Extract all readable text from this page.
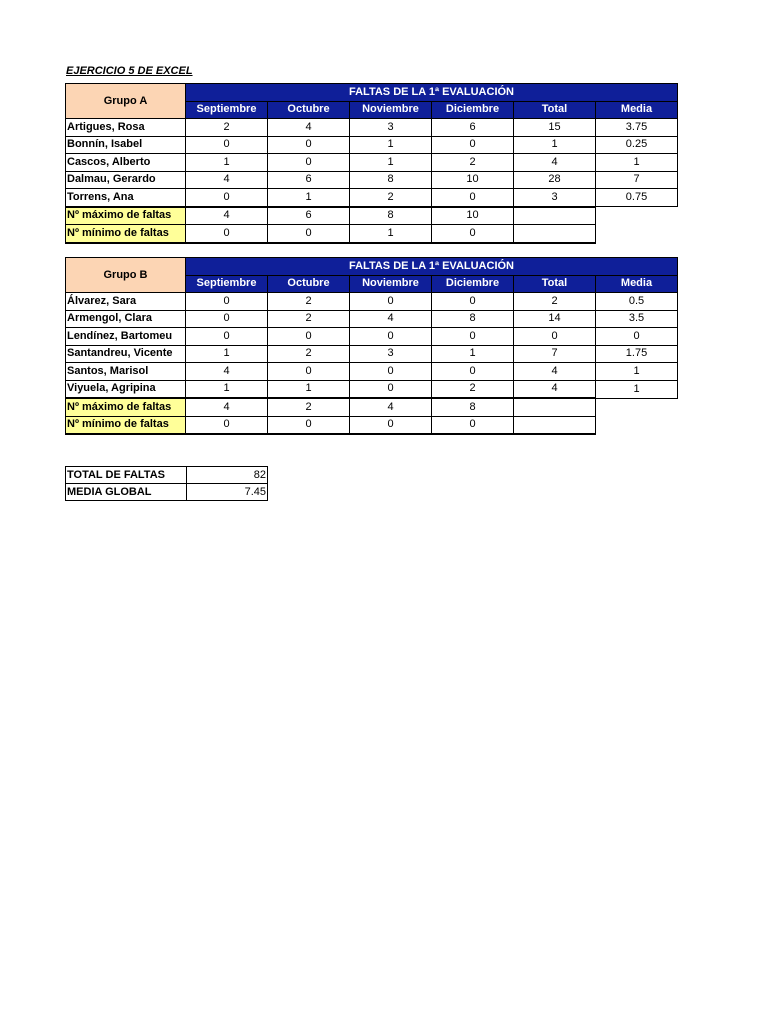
EJERCICIO 5 DE EXCEL
Grupo A	FALTAS DE LA 1ª EVALUACIÓN					
	Septiembre	Octubre	Noviembre	Diciembre	Total	Media
Artigues, Rosa	2	4	3	6	15	3.75
Bonnín, Isabel	0	0	1	0	1	0.25
Cascos, Alberto	1	0	1	2	4	1
Dalmau, Gerardo	4	6	8	10	28	7
Torrens, Ana	0	1	2	0	3	0.75
Nº máximo de faltas	4	6	8	10		
Nº mínimo de faltas	0	0	1	0		
Grupo B	FALTAS DE LA 1ª EVALUACIÓN					
	Septiembre	Octubre	Noviembre	Diciembre	Total	Media
Álvarez, Sara	0	2	0	0	2	0.5
Armengol, Clara	0	2	4	8	14	3.5
Lendínez, Bartomeu	0	0	0	0	0	0
Santandreu, Vicente	1	2	3	1	7	1.75
Santos, Marisol	4	0	0	0	4	1
Viyuela, Agripina	1	1	0	2	4	1
Nº máximo de faltas	4	2	4	8		
Nº mínimo de faltas	0	0	0	0		
TOTAL DE FALTAS	82
MEDIA GLOBAL	7.45
